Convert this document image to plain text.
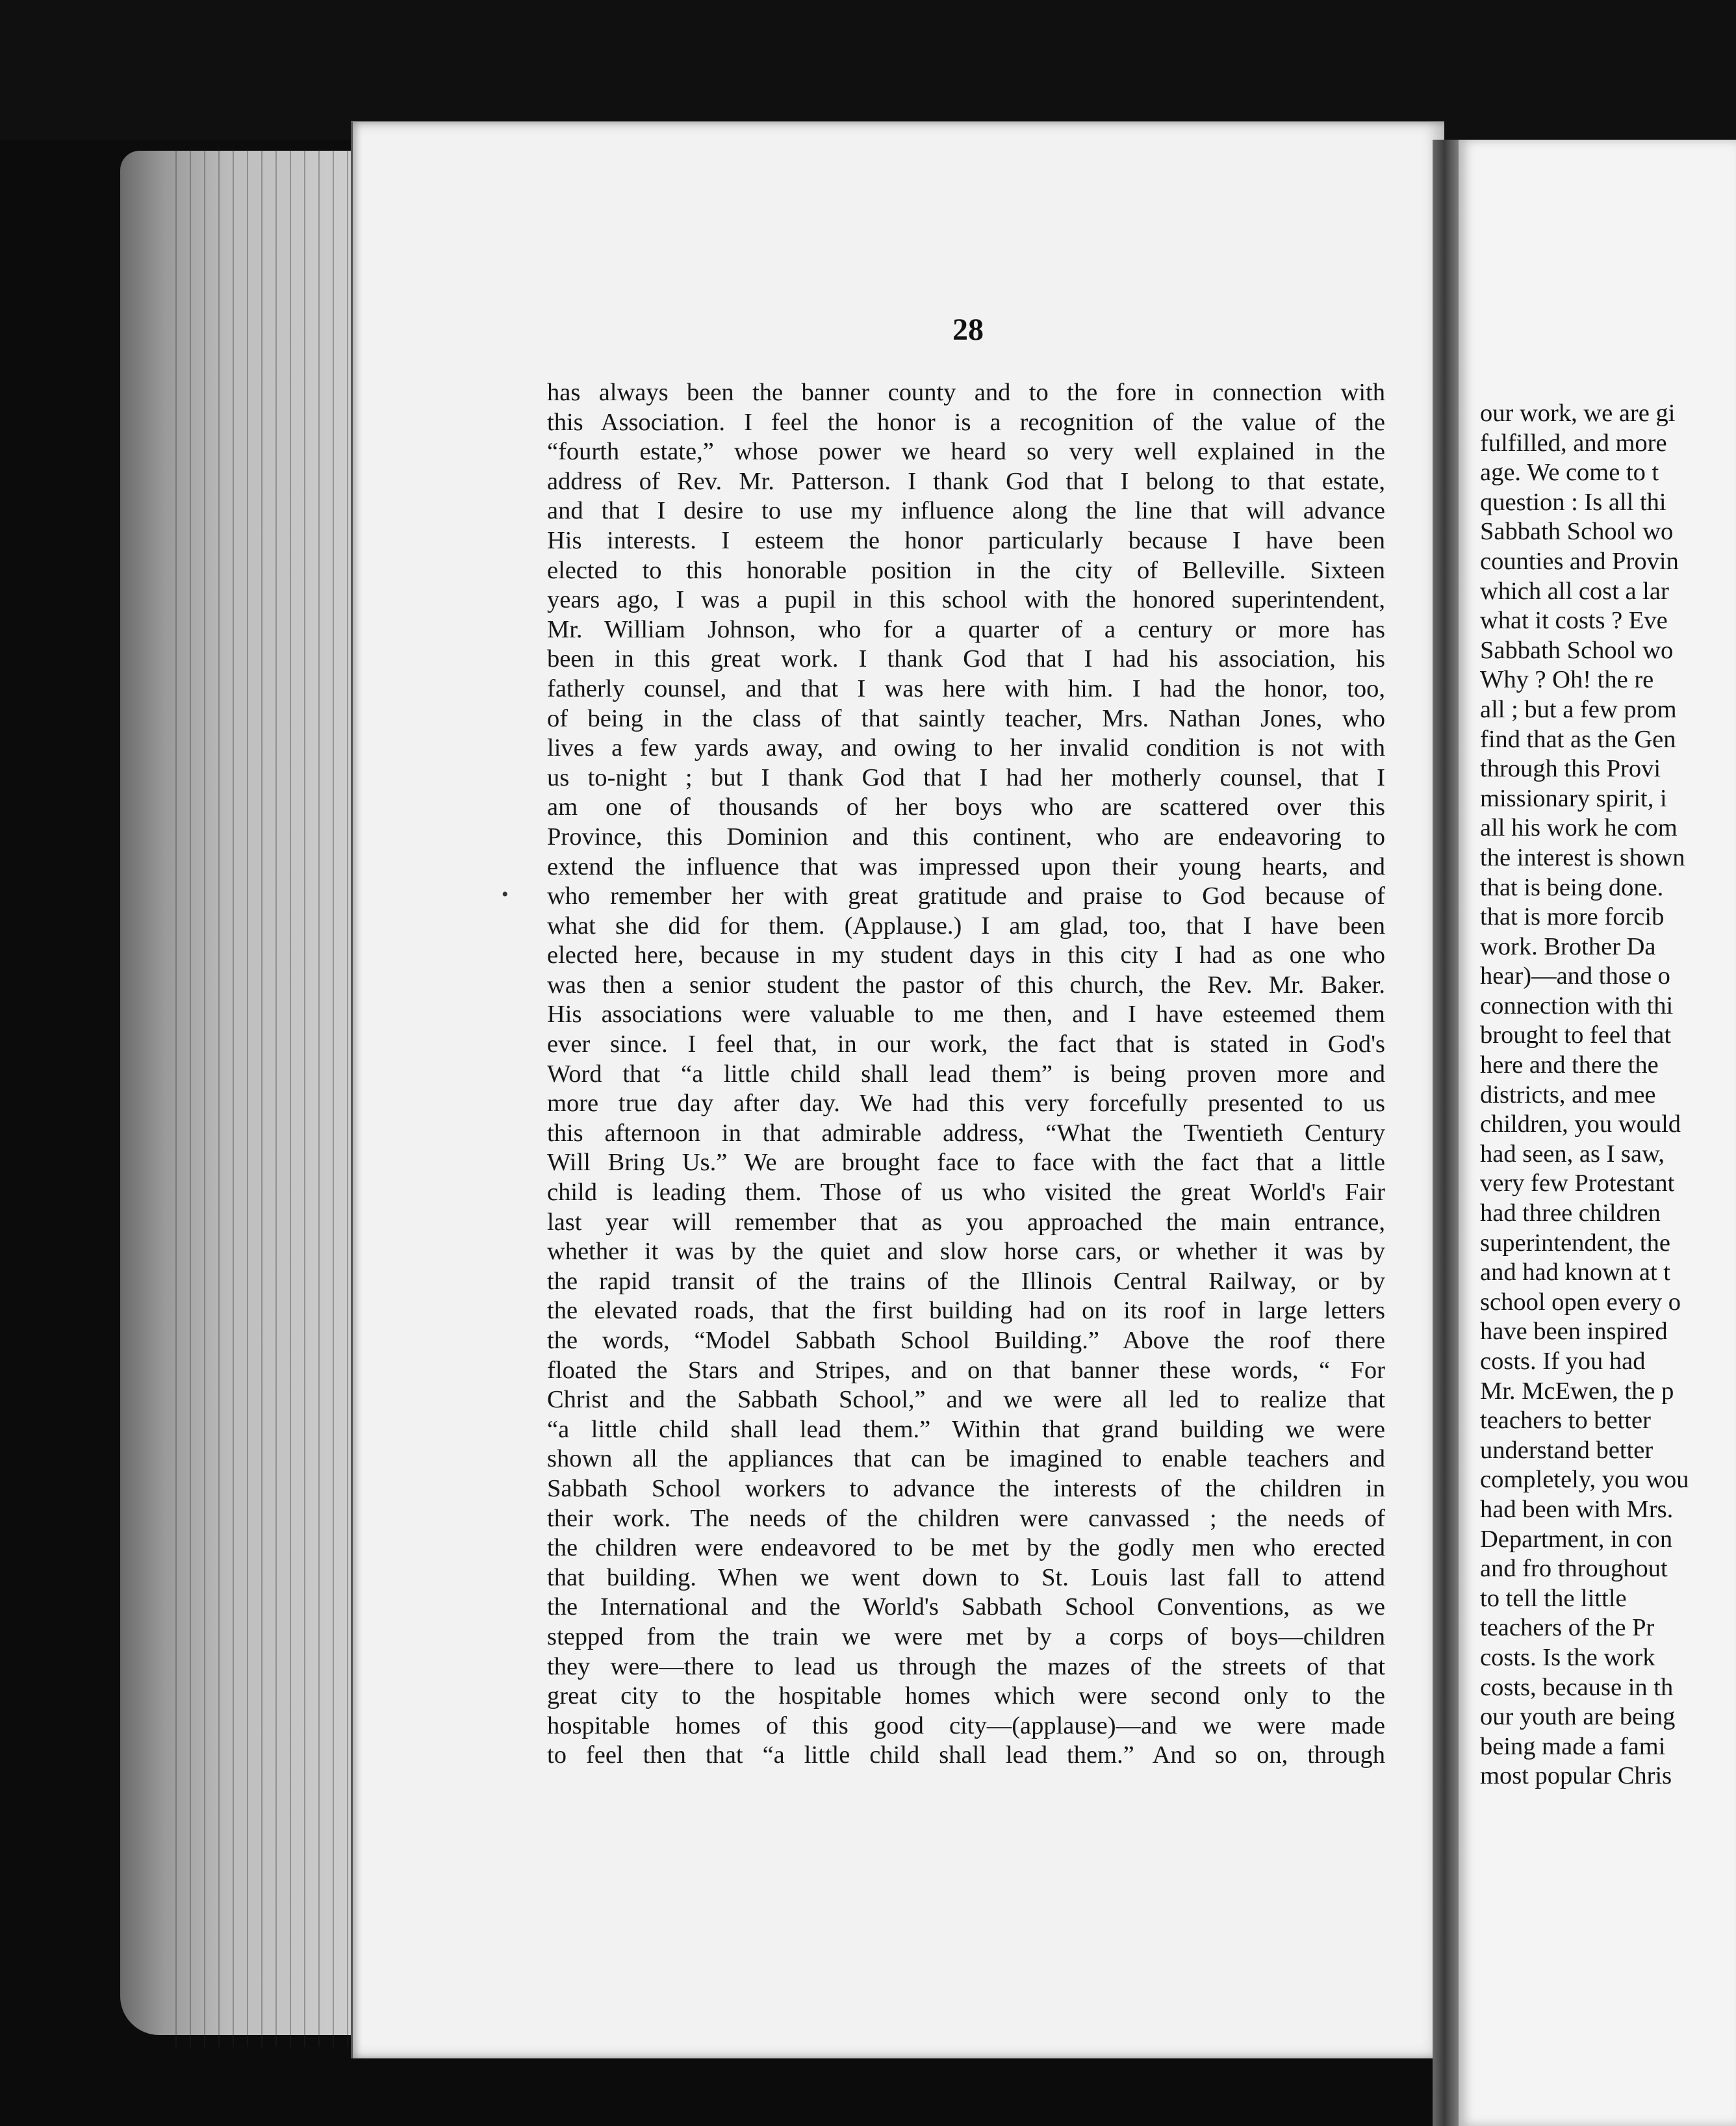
28
•
has always been the banner county and to the fore in connection with
this Association. I feel the honor is a recognition of the value of the
“fourth estate,” whose power we heard so very well explained in the
address of Rev. Mr. Patterson. I thank God that I belong to that estate,
and that I desire to use my influence along the line that will advance
His interests. I esteem the honor particularly because I have been
elected to this honorable position in the city of Belleville. Sixteen
years ago, I was a pupil in this school with the honored superintendent,
Mr. William Johnson, who for a quarter of a century or more has
been in this great work. I thank God that I had his association, his
fatherly counsel, and that I was here with him. I had the honor, too,
of being in the class of that saintly teacher, Mrs. Nathan Jones, who
lives a few yards away, and owing to her invalid condition is not with
us to-night ; but I thank God that I had her motherly counsel, that I
am one of thousands of her boys who are scattered over this
Province, this Dominion and this continent, who are endeavoring to
extend the influence that was impressed upon their young hearts, and
who remember her with great gratitude and praise to God because of
what she did for them. (Applause.) I am glad, too, that I have been
elected here, because in my student days in this city I had as one who
was then a senior student the pastor of this church, the Rev. Mr. Baker.
His associations were valuable to me then, and I have esteemed them
ever since. I feel that, in our work, the fact that is stated in God's
Word that “a little child shall lead them” is being proven more and
more true day after day. We had this very forcefully presented to us
this afternoon in that admirable address, “What the Twentieth Century
Will Bring Us.” We are brought face to face with the fact that a little
child is leading them. Those of us who visited the great World's Fair
last year will remember that as you approached the main entrance,
whether it was by the quiet and slow horse cars, or whether it was by
the rapid transit of the trains of the Illinois Central Railway, or by
the elevated roads, that the first building had on its roof in large letters
the words, “Model Sabbath School Building.” Above the roof there
floated the Stars and Stripes, and on that banner these words, “ For
Christ and the Sabbath School,” and we were all led to realize that
“a little child shall lead them.” Within that grand building we were
shown all the appliances that can be imagined to enable teachers and
Sabbath School workers to advance the interests of the children in
their work. The needs of the children were canvassed ; the needs of
the children were endeavored to be met by the godly men who erected
that building. When we went down to St. Louis last fall to attend
the International and the World's Sabbath School Conventions, as we
stepped from the train we were met by a corps of boys—children
they were—there to lead us through the mazes of the streets of that
great city to the hospitable homes which were second only to the
hospitable homes of this good city—(applause)—and we were made
to feel then that “a little child shall lead them.” And so on, through
our work, we are gi
fulfilled, and more
age. We come to t
question : Is all thi
Sabbath School wo
counties and Provin
which all cost a lar
what it costs ? Eve
Sabbath School wo
Why ? Oh! the re
all ; but a few prom
find that as the Gen
through this Provi
missionary spirit, i
all his work he com
the interest is shown
that is being done.
that is more forcib
work. Brother Da
hear)—and those o
connection with thi
brought to feel that
here and there the
districts, and mee
children, you would
had seen, as I saw,
very few Protestant
had three children
superintendent, the
and had known at t
school open every o
have been inspired
costs. If you had
Mr. McEwen, the p
teachers to better
understand better
completely, you wou
had been with Mrs.
Department, in con
and fro throughout
to tell the little
teachers of the Pr
costs. Is the work
costs, because in th
our youth are being
being made a fami
most popular Chris
